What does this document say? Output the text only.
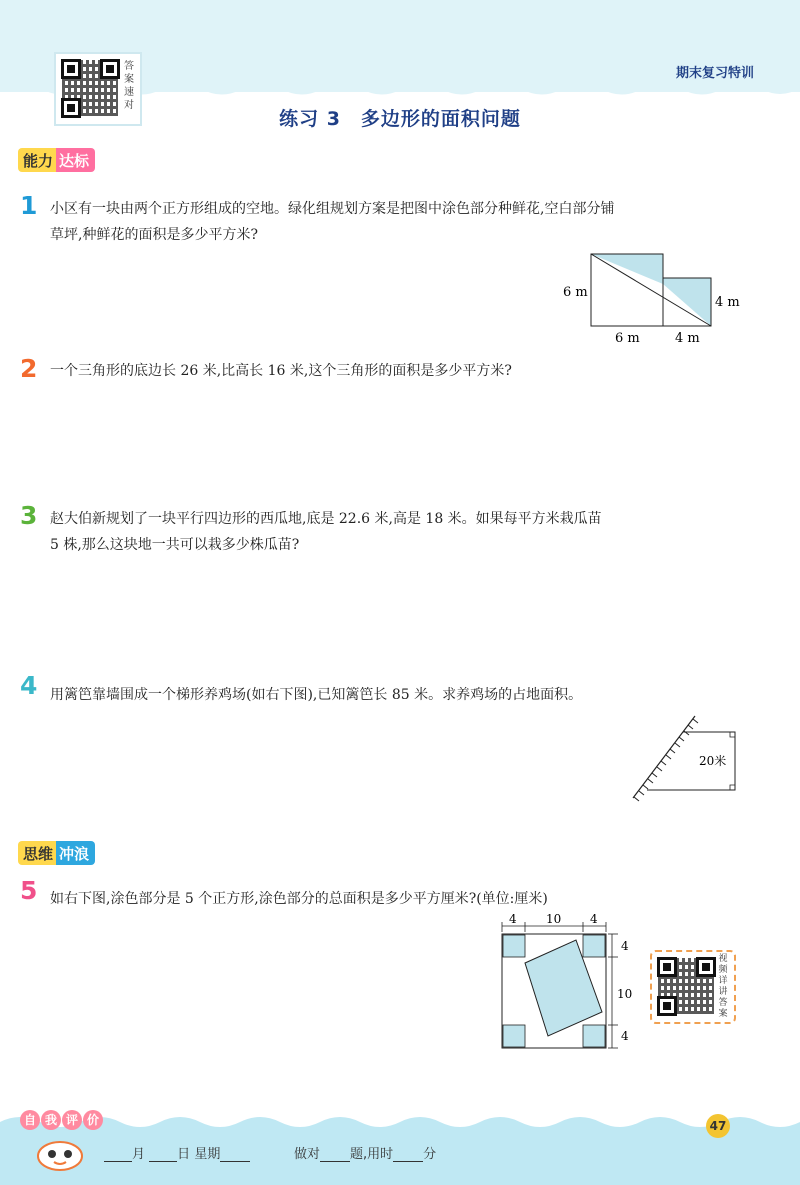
答案速对
期末复习特训
练习 3　多边形的面积问题
能力 达标
1 小区有一块由两个正方形组成的空地。绿化组规划方案是把图中涂色部分种鲜花,空白部分铺
草坪,种鲜花的面积是多少平方米?
6 m
4 m
6 m	4 m
2 一个三角形的底边长 26 米,比高长 16 米,这个三角形的面积是多少平方米?
3 赵大伯新规划了一块平行四边形的西瓜地,底是 22.6 米,高是 18 米。如果每平方米栽瓜苗
5 株,那么这块地一共可以栽多少株瓜苗?
4 用篱笆靠墙围成一个梯形养鸡场(如右下图),已知篱笆长 85 米。求养鸡场的占地面积。
20米
思维 冲浪
5 如右下图,涂色部分是 5 个正方形,涂色部分的总面积是多少平方厘米?(单位:厘米)
4 10 4
4
10
4
视频详讲答案
自 我 评 价
月 日 星期	做对 题,用时 分
47
